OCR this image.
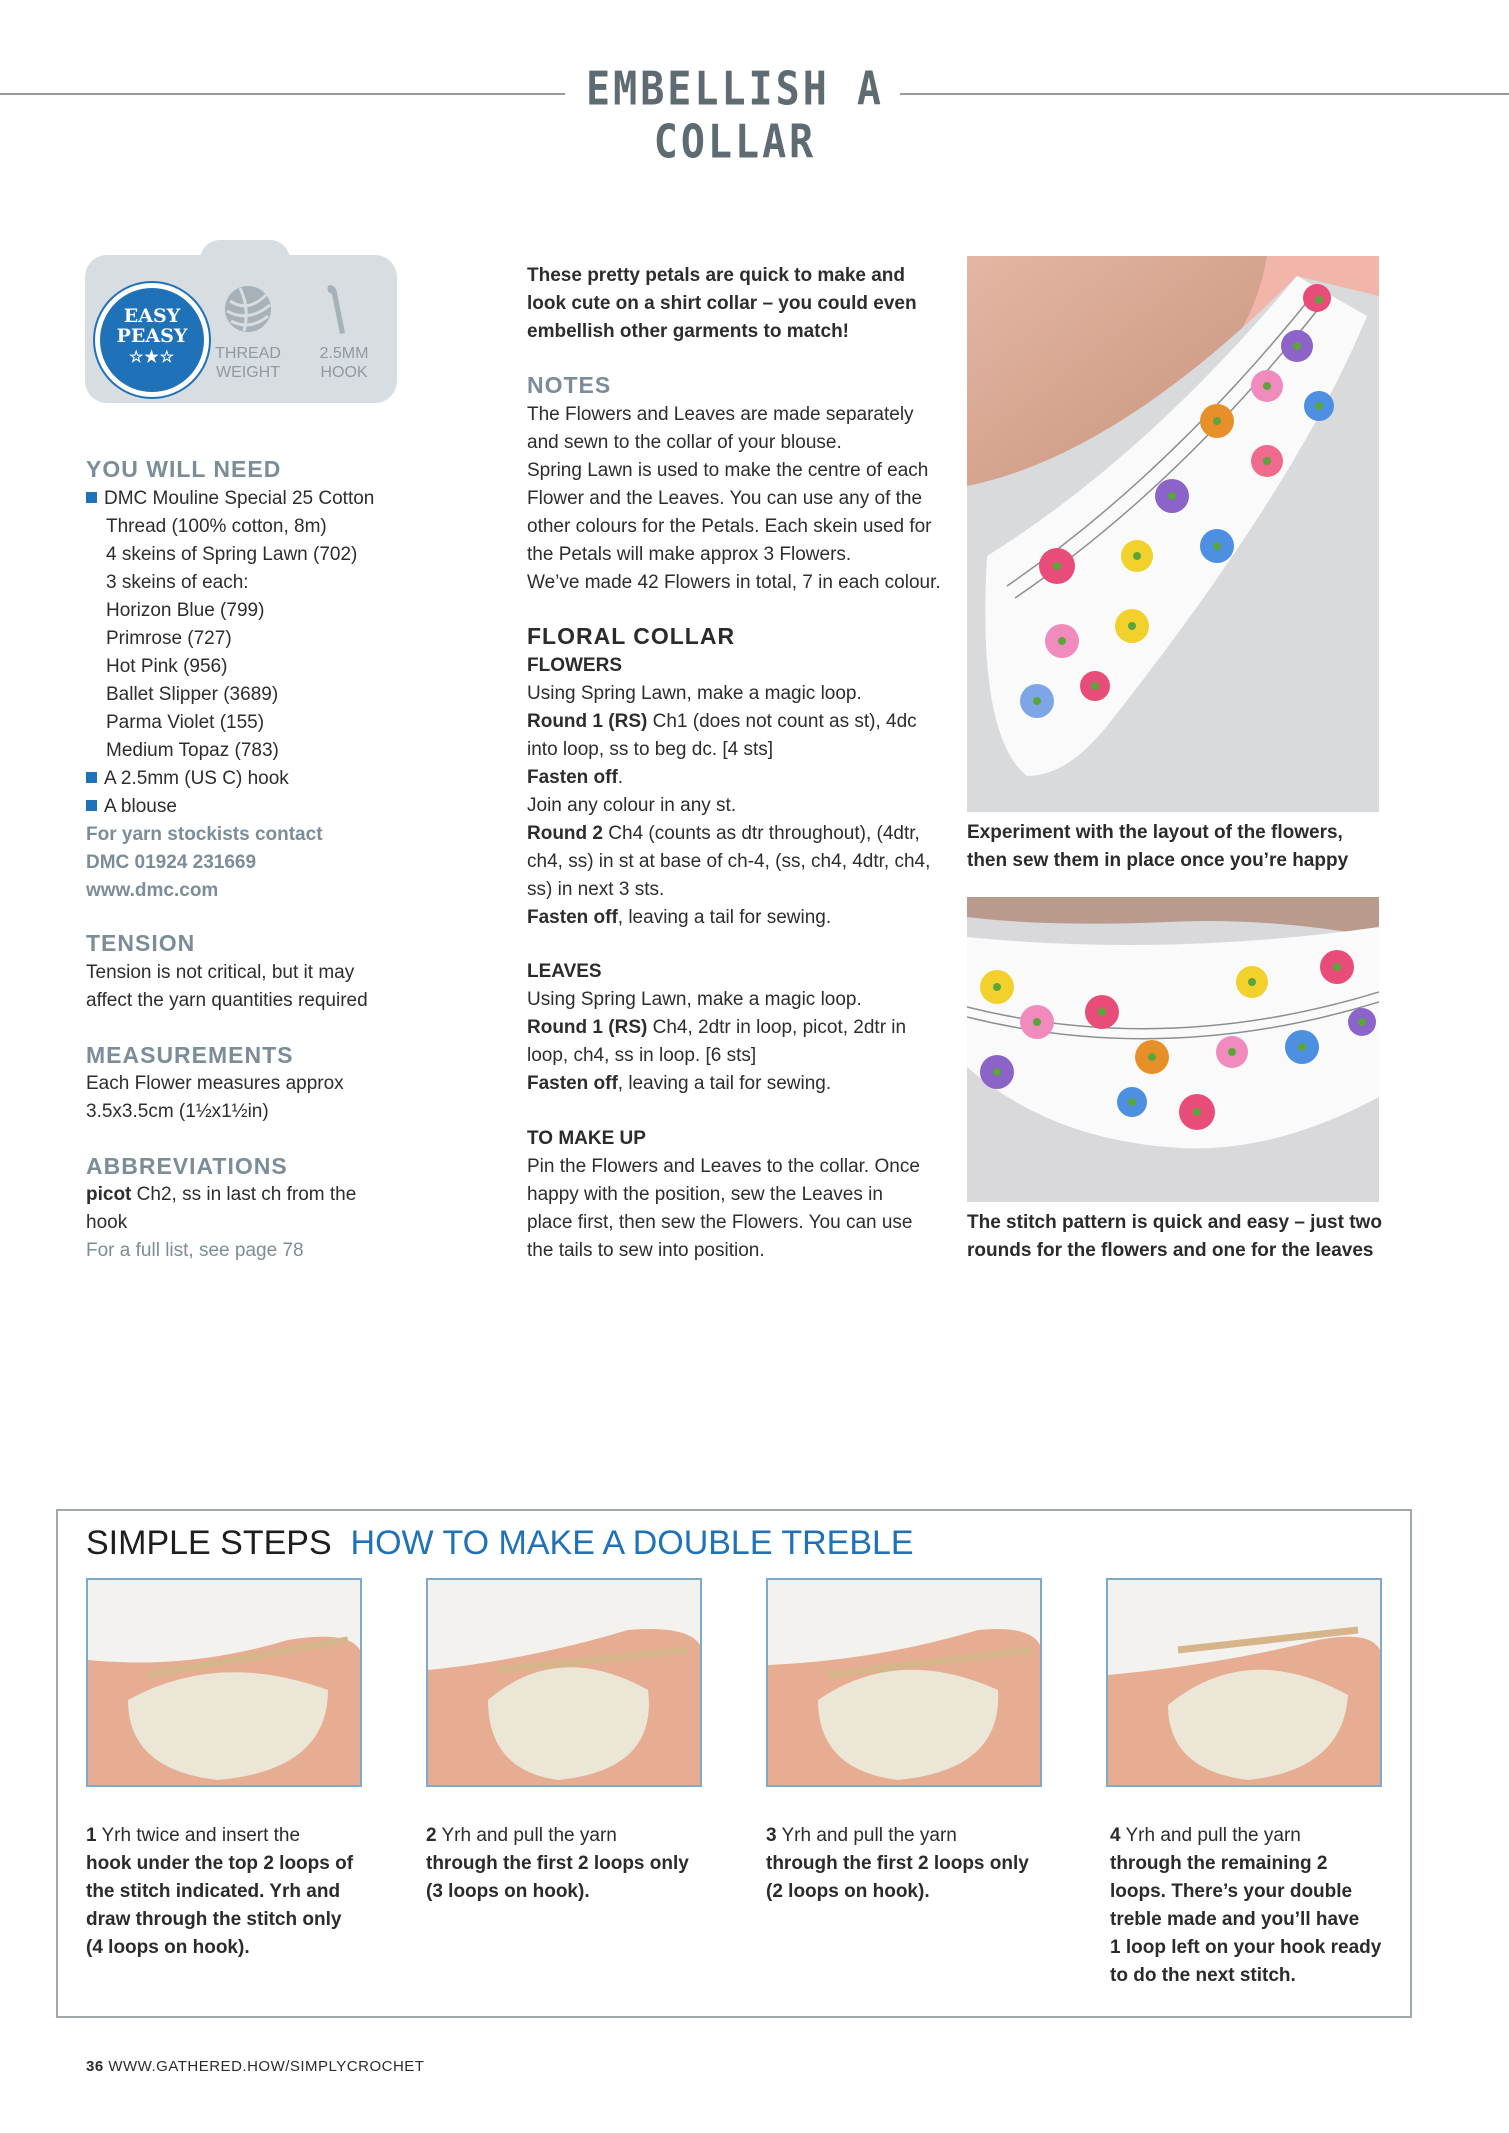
EMBELLISH A COLLAR
EASY
PEASY
☆★☆	THREAD
WEIGHT
2.5MM
HOOK
YOU WILL NEED

DMC Mouline Special 25 Cotton

Thread (100% cotton, 8m)

4 skeins of Spring Lawn (702)

3 skeins of each:

Horizon Blue (799)

Primrose (727)

Hot Pink (956)

Ballet Slipper (3689)

Parma Violet (155)

Medium Topaz (783)

A 2.5mm (US C) hook

A blouse

For yarn stockists contact

DMC 01924 231669

www.dmc.com

TENSION

Tension is not critical, but it may

affect the yarn quantities required

MEASUREMENTS

Each Flower measures approx

3.5x3.5cm (1½x1½in)

ABBREVIATIONS

picot Ch2, ss in last ch from the

hook

For a full list, see page 78

These pretty petals are quick to make and

look cute on a shirt collar – you could even

embellish other garments to match!

NOTES

The Flowers and Leaves are made separately

and sewn to the collar of your blouse.

Spring Lawn is used to make the centre of each

Flower and the Leaves. You can use any of the

other colours for the Petals. Each skein used for

the Petals will make approx 3 Flowers.

We’ve made 42 Flowers in total, 7 in each colour.

FLORAL COLLAR

FLOWERS

Using Spring Lawn, make a magic loop.

Round 1 (RS) Ch1 (does not count as st), 4dc

into loop, ss to beg dc. [4 sts]

Fasten off.

Join any colour in any st.

Round 2 Ch4 (counts as dtr throughout), (4dtr,

ch4, ss) in st at base of ch-4, (ss, ch4, 4dtr, ch4,

ss) in next 3 sts.

Fasten off, leaving a tail for sewing.

LEAVES

Using Spring Lawn, make a magic loop.

Round 1 (RS) Ch4, 2dtr in loop, picot, 2dtr in

loop, ch4, ss in loop. [6 sts]

Fasten off, leaving a tail for sewing.

TO MAKE UP

Pin the Flowers and Leaves to the collar. Once

happy with the position, sew the Leaves in

place first, then sew the Flowers. You can use

the tails to sew into position.

Experiment with the layout of the flowers,
then sew them in place once you’re happy
The stitch pattern is quick and easy – just two
rounds for the flowers and one for the leaves
SIMPLE STEPS HOW TO MAKE A DOUBLE TREBLE
1 Yrh twice and insert the
hook under the top 2 loops of
the stitch indicated. Yrh and
draw through the stitch only
(4 loops on hook).
2 Yrh and pull the yarn
through the first 2 loops only
(3 loops on hook).
3 Yrh and pull the yarn
through the first 2 loops only
(2 loops on hook).
4 Yrh and pull the yarn
through the remaining 2
loops. There’s your double
treble made and you’ll have
1 loop left on your hook ready
to do the next stitch.
36 WWW.GATHERED.HOW/SIMPLYCROCHET
